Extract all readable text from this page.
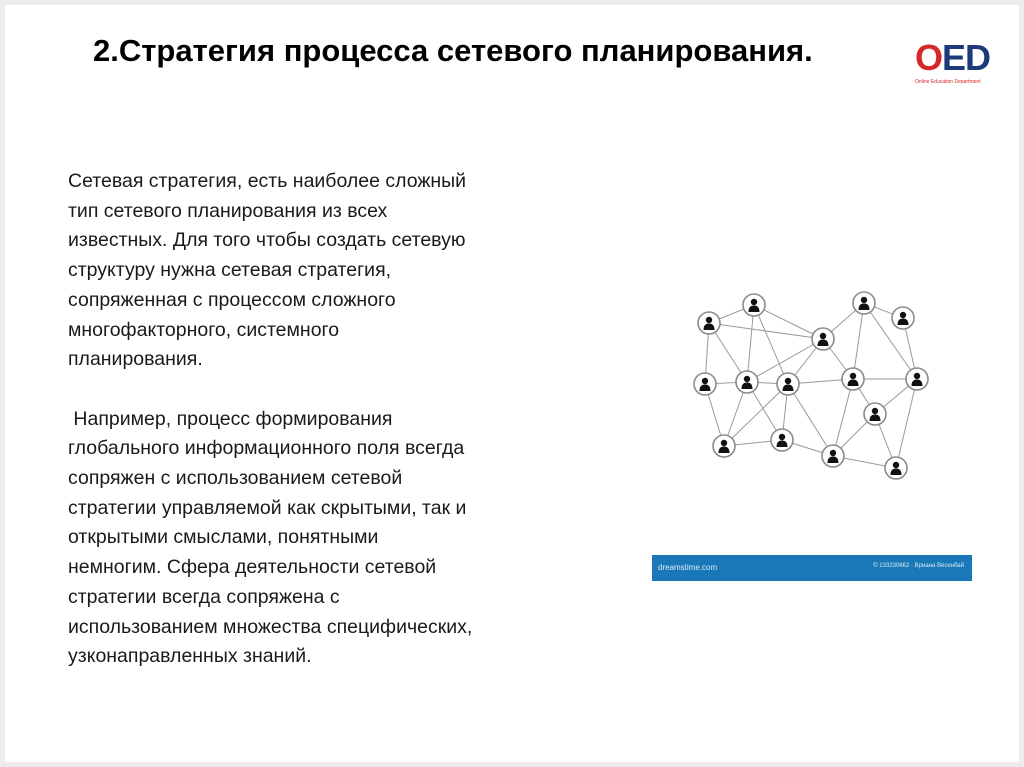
2.Стратегия процесса сетевого планирования.	OED
Online Education Department

Сетевая стратегия, есть наиболее сложный
тип сетевого планирования из всех
известных. Для того чтобы создать сетевую
структуру нужна сетевая стратегия,
сопряженная с процессом сложного
многофакторного, системного
планирования.

Например, процесс формирования
глобального информационного поля всегда
сопряжен с использованием сетевой
стратегии управляемой как скрытыми, так и
открытыми смыслами, понятными
немногим. Сфера деятельности сетевой
стратегии всегда сопряжена с
использованием множества специфических,
узконаправленных знаний.

dreamstime.com	© 133230662 · Bриана Bесенбай
